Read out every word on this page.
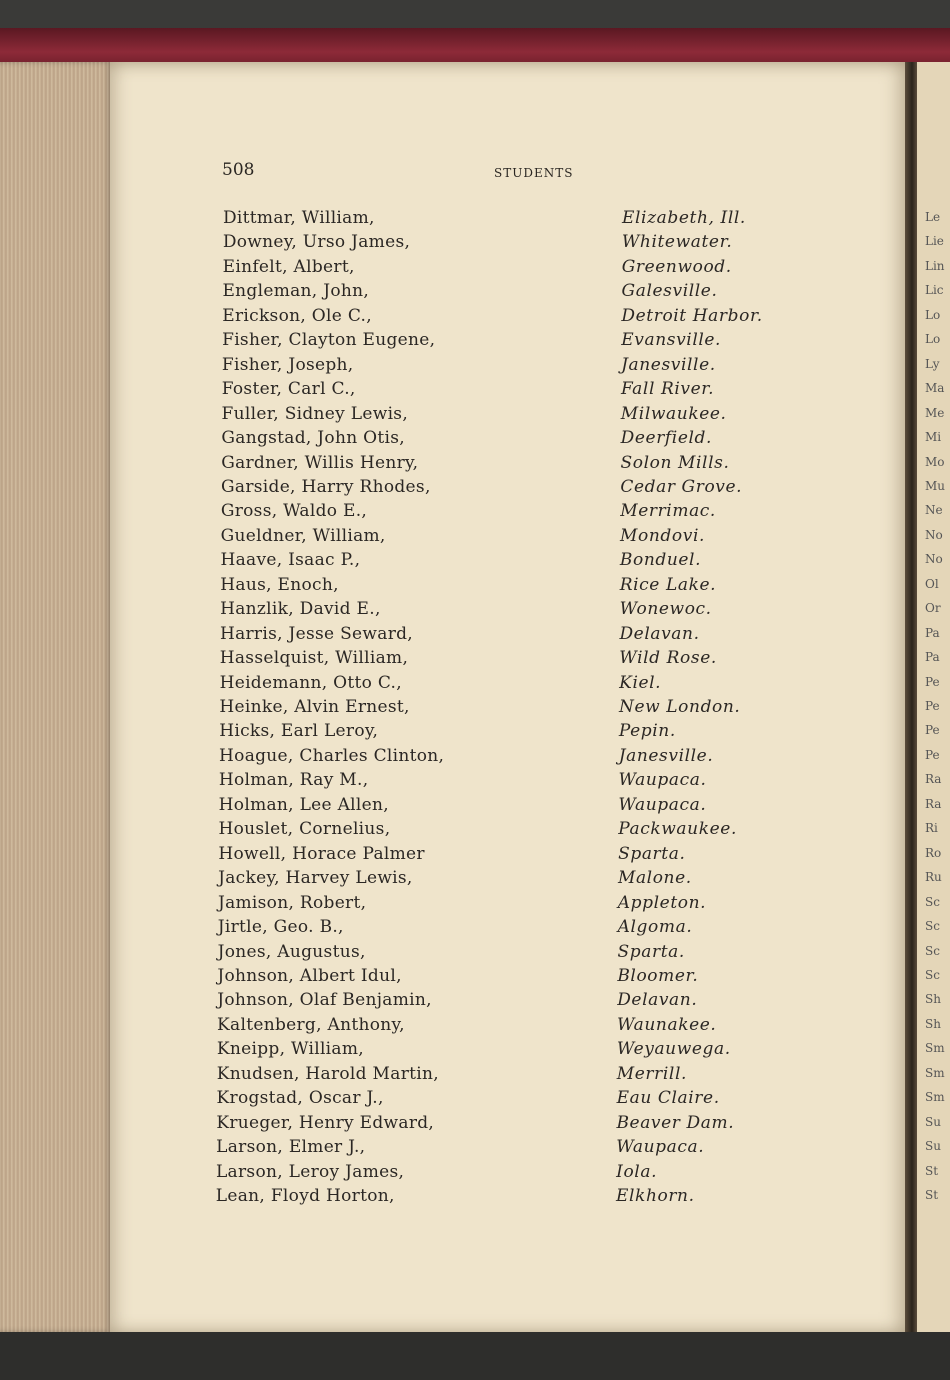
Le
Lie
Lin
Lic
Lo
Lo
Ly
Ma
Me
Mi
Mo
Mu
Ne
No
No
Ol
Or
Pa
Pa
Pe
Pe
Pe
Pe
Ra
Ra
Ri
Ro
Ru
Sc
Sc
Sc
Sc
Sh
Sh
Sm
Sm
Sm
Su
Su
St
St
508	STUDENTS
Dittmar, William,	Elizabeth, Ill.
Downey, Urso James,	Whitewater.
Einfelt, Albert,	Greenwood.
Engleman, John,	Galesville.
Erickson, Ole C.,	Detroit Harbor.
Fisher, Clayton Eugene,	Evansville.
Fisher, Joseph,	Janesville.
Foster, Carl C.,	Fall River.
Fuller, Sidney Lewis,	Milwaukee.
Gangstad, John Otis,	Deerfield.
Gardner, Willis Henry,	Solon Mills.
Garside, Harry Rhodes,	Cedar Grove.
Gross, Waldo E.,	Merrimac.
Gueldner, William,	Mondovi.
Haave, Isaac P.,	Bonduel.
Haus, Enoch,	Rice Lake.
Hanzlik, David E.,	Wonewoc.
Harris, Jesse Seward,	Delavan.
Hasselquist, William,	Wild Rose.
Heidemann, Otto C.,	Kiel.
Heinke, Alvin Ernest,	New London.
Hicks, Earl Leroy,	Pepin.
Hoague, Charles Clinton,	Janesville.
Holman, Ray M.,	Waupaca.
Holman, Lee Allen,	Waupaca.
Houslet, Cornelius,	Packwaukee.
Howell, Horace Palmer	Sparta.
Jackey, Harvey Lewis,	Malone.
Jamison, Robert,	Appleton.
Jirtle, Geo. B.,	Algoma.
Jones, Augustus,	Sparta.
Johnson, Albert Idul,	Bloomer.
Johnson, Olaf Benjamin,	Delavan.
Kaltenberg, Anthony,	Waunakee.
Kneipp, William,	Weyauwega.
Knudsen, Harold Martin,	Merrill.
Krogstad, Oscar J.,	Eau Claire.
Krueger, Henry Edward,	Beaver Dam.
Larson, Elmer J.,	Waupaca.
Larson, Leroy James,	Iola.
Lean, Floyd Horton,	Elkhorn.
